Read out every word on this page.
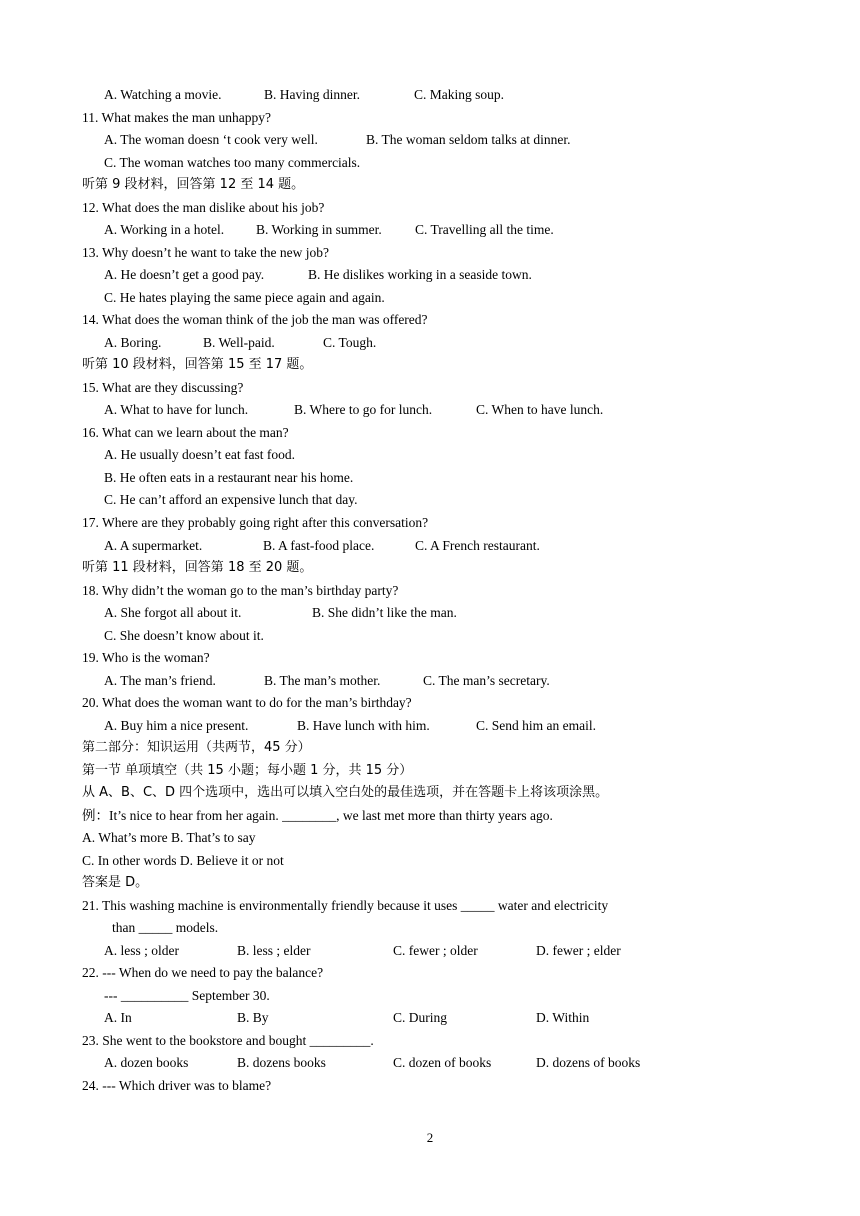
A. Watching a movie.	B. Having dinner.	C. Making soup.
11. What makes the man unhappy?
A. The woman doesn ‘t cook very well.	B. The woman seldom talks at dinner.
C. The woman watches too many commercials.
听第 9 段材料，回答第 12 至 14 题。
12. What does the man dislike about his job?
A. Working in a hotel. B. Working in summer. C. Travelling all the time.
13. Why doesn’t he want to take the new job?
A. He doesn’t get a good pay.	B. He dislikes working in a seaside town.
C. He hates playing the same piece again and again.
14. What does the woman think of the job the man was offered?
A. Boring.	B. Well-paid.	C. Tough.
听第 10 段材料，回答第 15 至 17 题。
15. What are they discussing?
A. What to have for lunch.	B. Where to go for lunch.	C. When to have lunch.
16. What can we learn about the man?
A. He usually doesn’t eat fast food.
B. He often eats in a restaurant near his home.
C. He can’t afford an expensive lunch that day.
17. Where are they probably going right after this conversation?
A. A supermarket.	B. A fast-food place.	C. A French restaurant.
听第 11 段材料，回答第 18 至 20 题。
18. Why didn’t the woman go to the man’s birthday party?
A. She forgot all about it.	B. She didn’t like the man.
C. She doesn’t know about it.
19. Who is the woman?
A. The man’s friend.	B. The man’s mother.	C. The man’s secretary.
20. What does the woman want to do for the man’s birthday?
A. Buy him a nice present.	B. Have lunch with him.	C. Send him an email.
第二部分：知识运用（共两节，45 分）
第一节 单项填空（共 15 小题；每小题 1 分，共 15 分）
从 A、B、C、D 四个选项中，选出可以填入空白处的最佳选项，并在答题卡上将该项涂黑。
例：It’s nice to hear from her again. ________, we last met more than thirty years ago.
A. What’s more B. That’s to say
C. In other words D. Believe it or not
答案是 D。
21. This washing machine is environmentally friendly because it uses _____ water and electricity
than _____ models.
A. less ; older	B. less ; elder	C. fewer ; older	D. fewer ; elder
22. --- When do we need to pay the balance?
--- __________ September 30.
A. In	B. By	C. During	D. Within
23. She went to the bookstore and bought _________.
A. dozen books	B. dozens books	C. dozen of books	D. dozens of books
24. --- Which driver was to blame?
2
